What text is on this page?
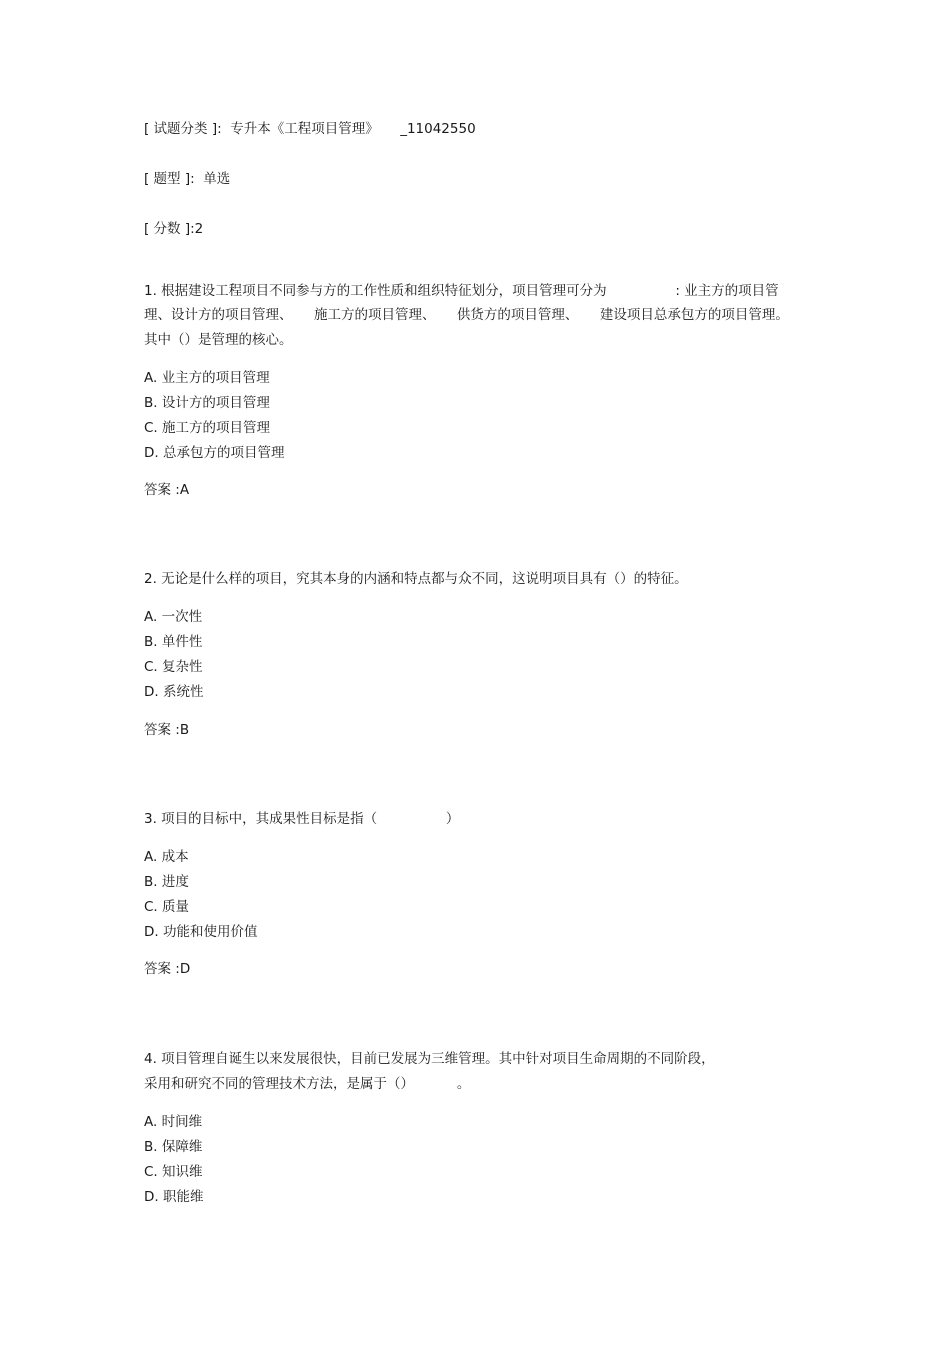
[ 试题分类 ]:  专升本《工程项目管理》     _11042550
[ 题型 ]:  单选
[ 分数 ]:2
1. 根据建设工程项目不同参与方的工作性质和组织特征划分，项目管理可分为                : 业主方的项目管
理、设计方的项目管理、     施工方的项目管理、     供货方的项目管理、     建设项目总承包方的项目管理。
其中（）是管理的核心。
A. 业主方的项目管理
B. 设计方的项目管理
C. 施工方的项目管理
D. 总承包方的项目管理
答案 :A
2. 无论是什么样的项目，究其本身的内涵和特点都与众不同，这说明项目具有（）的特征。
A. 一次性
B. 单件性
C. 复杂性
D. 系统性
答案 :B
3. 项目的目标中，其成果性目标是指（                ）
A. 成本
B. 进度
C. 质量
D. 功能和使用价值
答案 :D
4. 项目管理自诞生以来发展很快，目前已发展为三维管理。其中针对项目生命周期的不同阶段，
采用和研究不同的管理技术方法，是属于（）          。
A. 时间维
B. 保障维
C. 知识维
D. 职能维
